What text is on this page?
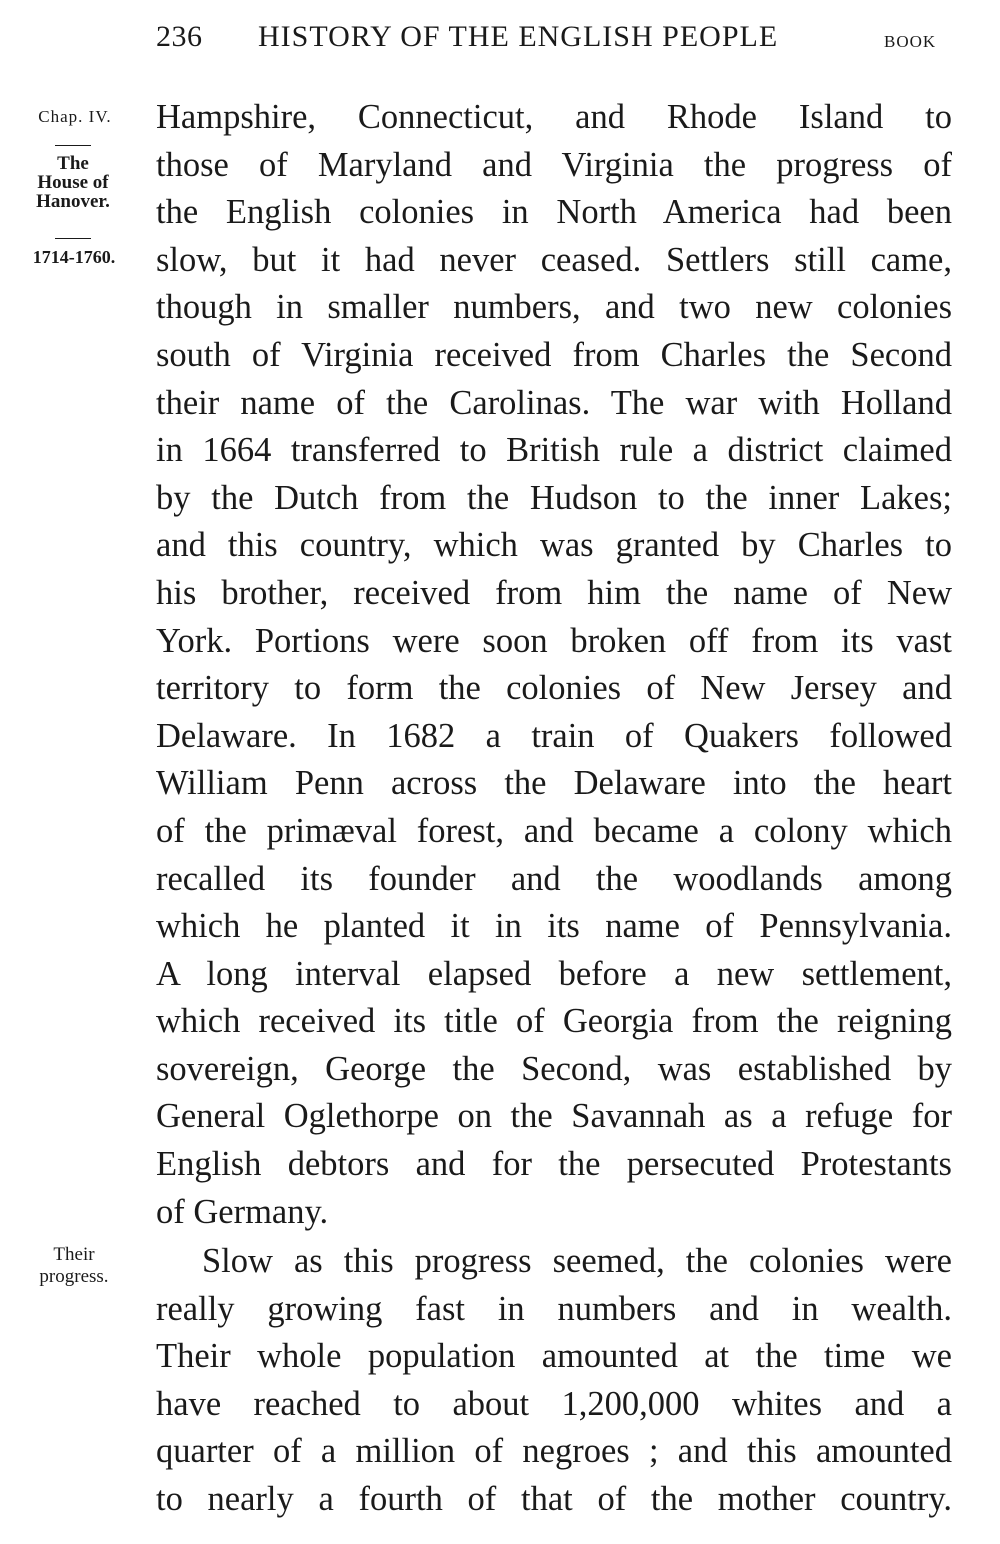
236 HISTORY OF THE ENGLISH PEOPLE	BOOK
Chap. IV.
The
House of
Hanover.
1714-1760.
Their
progress.
Hampshire, Connecticut, and Rhode Island to
those of Maryland and Virginia the progress of
the English colonies in North America had been
slow, but it had never ceased. Settlers still came,
though in smaller numbers, and two new colonies
south of Virginia received from Charles the Second
their name of the Carolinas. The war with Holland
in 1664 transferred to British rule a district claimed
by the Dutch from the Hudson to the inner Lakes;
and this country, which was granted by Charles to
his brother, received from him the name of New
York. Portions were soon broken off from its vast
territory to form the colonies of New Jersey and
Delaware. In 1682 a train of Quakers followed
William Penn across the Delaware into the heart
of the primæval forest, and became a colony which
recalled its founder and the woodlands among
which he planted it in its name of Pennsylvania.
A long interval elapsed before a new settlement,
which received its title of Georgia from the reigning
sovereign, George the Second, was established by
General Oglethorpe on the Savannah as a refuge for
English debtors and for the persecuted Protestants
of Germany.
Slow as this progress seemed, the colonies were
really growing fast in numbers and in wealth.
Their whole population amounted at the time we
have reached to about 1,200,000 whites and a
quarter of a million of negroes ; and this amounted
to nearly a fourth of that of the mother country.
